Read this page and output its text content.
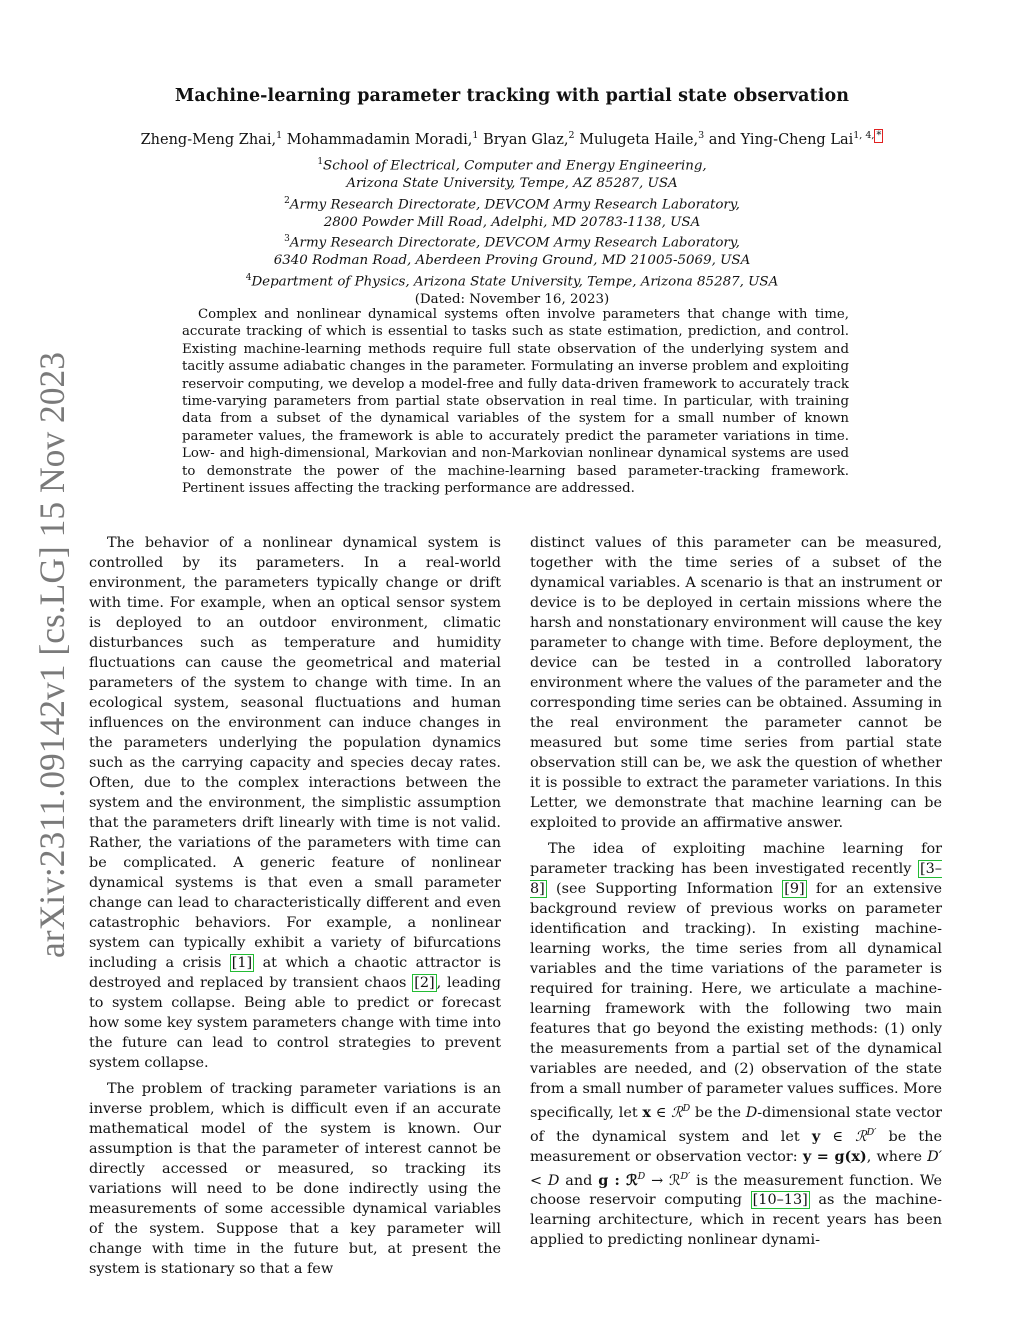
arXiv:2311.09142v1 [cs.LG] 15 Nov 2023
Machine-learning parameter tracking with partial state observation
Zheng-Meng Zhai,$^1$ Mohammadamin Moradi,$^1$ Bryan Glaz,$^2$ Mulugeta Haile,$^3$ and Ying-Cheng Lai$^{1, 4, *}$
$^1$School of Electrical, Computer and Energy Engineering,
Arizona State University, Tempe, AZ 85287, USA
$^2$Army Research Directorate, DEVCOM Army Research Laboratory,
2800 Powder Mill Road, Adelphi, MD 20783-1138, USA
$^3$Army Research Directorate, DEVCOM Army Research Laboratory,
6340 Rodman Road, Aberdeen Proving Ground, MD 21005-5069, USA
$^4$Department of Physics, Arizona State University, Tempe, Arizona 85287, USA
(Dated: November 16, 2023)

Complex and nonlinear dynamical systems often involve parameters that change with time, accurate tracking of which is essential to tasks such as state estimation, prediction, and control. Existing machine-learning methods require full state observation of the underlying system and tacitly assume adiabatic changes in the parameter. Formulating an inverse problem and exploiting reservoir computing, we develop a model-free and fully data-driven framework to accurately track time-varying parameters from partial state observation in real time. In particular, with training data from a subset of the dynamical variables of the system for a small number of known parameter values, the framework is able to accurately predict the parameter variations in time. Low- and high-dimensional, Markovian and non-Markovian nonlinear dynamical systems are used to demonstrate the power of the machine-learning based parameter-tracking framework. Pertinent issues affecting the tracking performance are addressed.

The behavior of a nonlinear dynamical system is controlled by its parameters. In a real-world environment, the parameters typically change or drift with time. For example, when an optical sensor system is deployed to an outdoor environment, climatic disturbances such as temperature and humidity fluctuations can cause the geometrical and material parameters of the system to change with time. In an ecological system, seasonal fluctuations and human influences on the environment can induce changes in the parameters underlying the population dynamics such as the carrying capacity and species decay rates. Often, due to the complex interactions between the system and the environment, the simplistic assumption that the parameters drift linearly with time is not valid. Rather, the variations of the parameters with time can be complicated. A generic feature of nonlinear dynamical systems is that even a small parameter change can lead to characteristically different and even catastrophic behaviors. For example, a nonlinear system can typically exhibit a variety of bifurcations including a crisis [1] at which a chaotic attractor is destroyed and replaced by transient chaos [2] , leading to system collapse. Being able to predict or forecast how some key system parameters change with time into the future can lead to control strategies to prevent system collapse.

The problem of tracking parameter variations is an inverse problem, which is difficult even if an accurate mathematical model of the system is known. Our assumption is that the parameter of interest cannot be directly accessed or measured, so tracking its variations will need to be done indirectly using the measurements of some accessible dynamical variables of the system. Suppose that a key parameter will change with time in the future but, at present the system is stationary so that a few

distinct values of this parameter can be measured, together with the time series of a subset of the dynamical variables. A scenario is that an instrument or device is to be deployed in certain missions where the harsh and nonstationary environment will cause the key parameter to change with time. Before deployment, the device can be tested in a controlled laboratory environment where the values of the parameter and the corresponding time series can be obtained. Assuming in the real environment the parameter cannot be measured but some time series from partial state observation still can be, we ask the question of whether it is possible to extract the parameter variations. In this Letter, we demonstrate that machine learning can be exploited to provide an affirmative answer.

The idea of exploiting machine learning for parameter tracking has been investigated recently [3–8] (see Supporting Information [9] for an extensive background review of previous works on parameter identification and tracking). In existing machine-learning works, the time series from all dynamical variables and the time variations of the parameter is required for training. Here, we articulate a machine-learning framework with the following two main features that go beyond the existing methods: (1) only the measurements from a partial set of the dynamical variables are needed, and (2) observation of the state from a small number of parameter values suffices. More specifically, let x ∈ ℛ$^D$ be the D-dimensional state vector of the dynamical system and let y ∈ ℛ$^{D'}$ be the measurement or observation vector: y = g(x), where D′ < D and g : ℛ$^D$ → ℛ$^{D'}$ is the measurement function. We choose reservoir computing [10–13] as the machine-learning architecture, which in recent years has been applied to predicting nonlinear dynami-
